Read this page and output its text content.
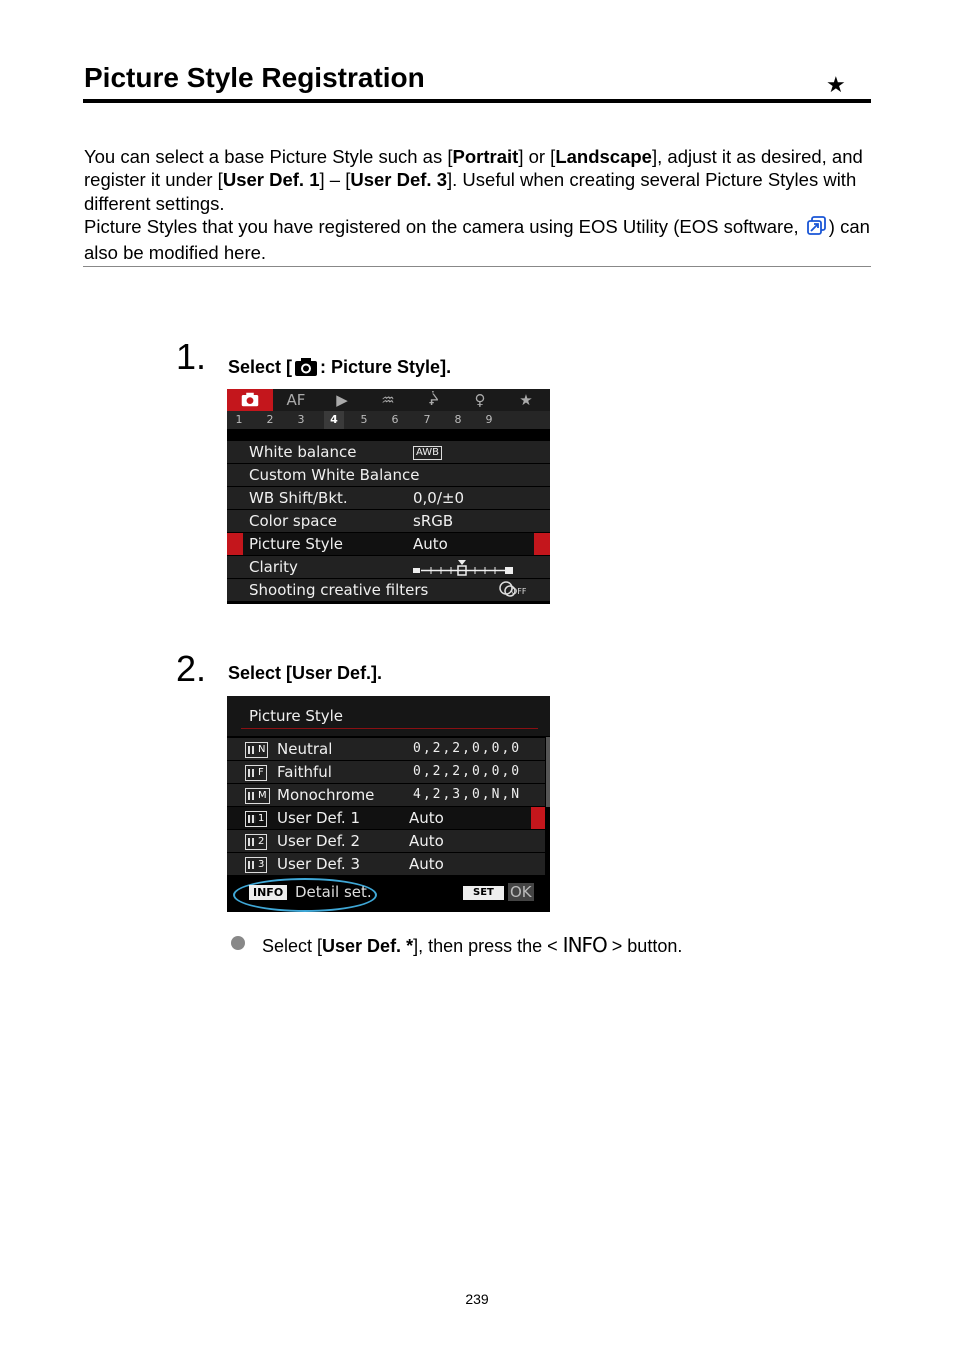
Picture Style Registration	★

You can select a base Picture Style such as [Portrait] or [Landscape], adjust it as desired, and register it under [User Def. 1] – [User Def. 3]. Useful when creating several Picture Styles with different settings.

Picture Styles that you have registered on the camera using EOS Utility (EOS software, ) can also be modified here.

1. Select [ : Picture Style].
AF	▶	♒	ᖩ	♀	★
1	2	3	4	5	6	7	8	9
White balance	AWB
Custom White Balance
WB Shift/Bkt.	0,0/±0
Color space	sRGB
Picture Style	Auto
Clarity
Shooting creative filters	OFF
2. Select [User Def.].
Picture Style
N Neutral	0,2,2,0,0,0
F Faithful	0,2,2,0,0,0
M Monochrome	4,2,3,0,N,N
1 User Def. 1	Auto
2 User Def. 2	Auto
3 User Def. 3	Auto
INFO Detail set.	SET	OK
Select [User Def. *], then press the < INFO > button.
239
